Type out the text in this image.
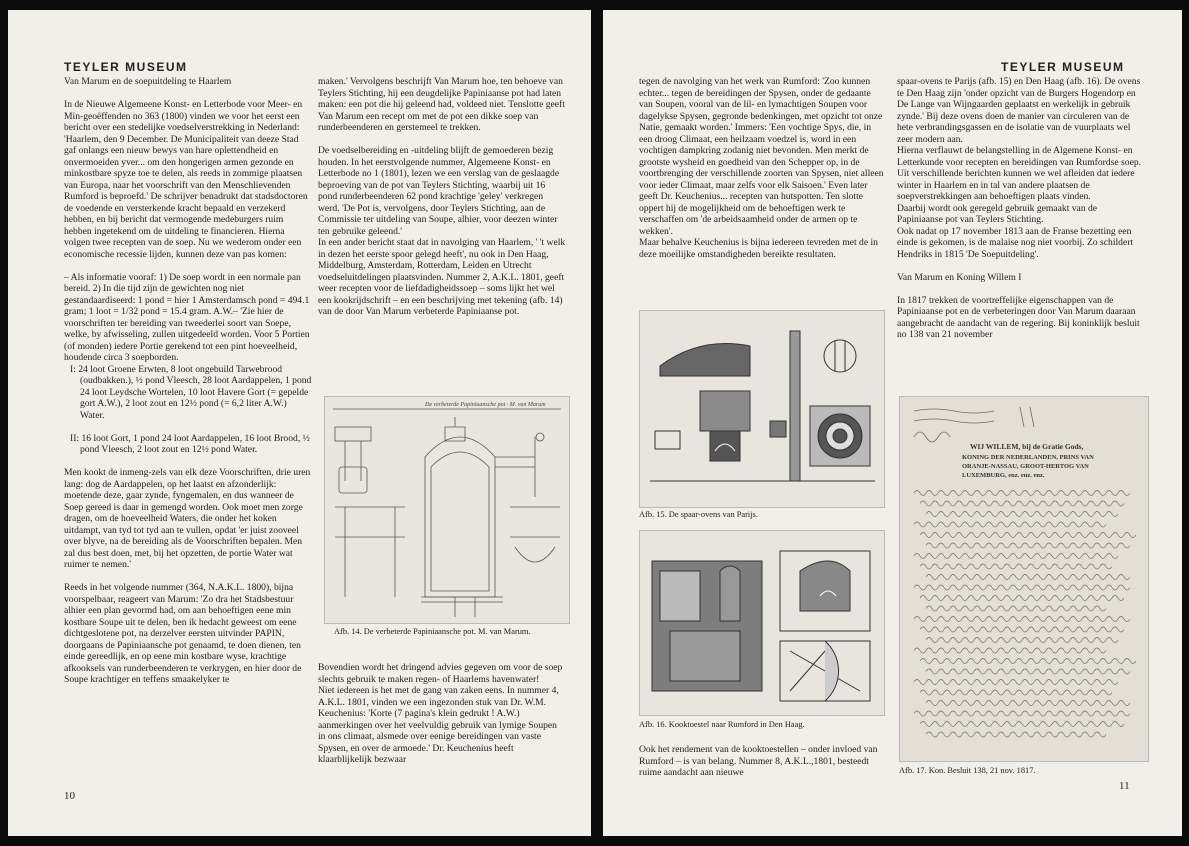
TEYLER MUSEUM
Van Marum en de soepuitdeling te Haarlem

In de Nieuwe Algemeene Konst- en Letterbode voor Meer- en Min-geoëffenden no 363 (1800) vinden we voor het eerst een bericht over een stedelijke voedselverstrekking in Nederland: 'Haarlem, den 9 December. De Municipaliteit van deeze Stad gaf onlangs een nieuw bewys van hare oplettendheid en onvermoeiden yver... om den hongerigen armen gezonde en minkostbare spyze toe te delen, als reeds in zommige plaatsen van Europa, naar het voorschrift van den Menschlievenden Rumford is beproefd.' De schrijver benadrukt dat stadsdoctoren de voedende en versterkende kracht bepaald en verzekerd hebben, en bij bericht dat vermogende medeburgers ruim hebben ingetekend om de uitdeling te financieren. Hierna volgen twee recepten van de soep. Nu we wederom onder een economische recessie lijden, kunnen deze van pas komen:

– Als informatie vooraf: 1) De soep wordt in een normale pan bereid. 2) In die tijd zijn de gewichten nog niet gestandaardiseerd: 1 pond = hier 1 Amsterdamsch pond = 494.1 gram; 1 loot = 1/32 pond = 15.4 gram. A.W.– 'Zie hier de voorschriften ter bereiding van tweederlei soort van Soepe, welke, by afwisseling, zullen uitgedeeld worden. Voor 5 Portien (of monden) iedere Portie gerekend tot een pint hoeveelheid, houdende circa 3 soepborden.

I: 24 loot Groene Erwten, 8 loot ongebuild Tarwebrood (oudbakken.), ½ pond Vleesch, 28 loot Aardappelen, 1 pond 24 loot Leydsche Wortelen, 10 loot Havere Gort (= gepelde gort A.W.), 2 loot zout en 12½ pond (= 6,2 liter A.W.) Water.

II: 16 loot Gort, 1 pond 24 loot Aardappelen, 16 loot Brood, ½ pond Vleesch, 2 loot zout en 12½ pond Water.

Men kookt de inmeng-zels van elk deze Voorschriften, drie uren lang: dog de Aardappelen, op het laatst en afzonderlijk: moetende deze, gaar zynde, fyngemalen, en dus wanneer de Soep gereed is daar in gemengd worden. Ook moet men zorge dragen, om de hoeveelheid Waters, die onder het koken uitdampt, van tyd tot tyd aan te vullen, opdat 'er juist zooveel over blyve, na de bereiding als de Voorschriften bepalen. Men zal dus best doen, met, bij het opzetten, de portie Water wat ruimer te nemen.'

Reeds in het volgende nummer (364, N.A.K.L. 1800), bijna voorspelbaar, reageert van Marum: 'Zo dra het Stadsbestuur alhier een plan gevormd had, om aan behoeftigen eene min kostbare Soupe uit te delen, ben ik hedacht geweest om eene dichtgeslotene pot, na derzelver eersten uitvinder PAPIN, doorgaans de Papiniaansche pot genaamd, te doen dienen, ten einde gereedlijk, en op eene min kostbare wyse, krachtige afkooksels van runderbeenderen te verkrygen, en hier door de Soupe krachtiger en teffens smaakelyker te

maken.' Vervolgens beschrijft Van Marum hoe, ten behoeve van Teylers Stichting, hij een deugdelijke Papiniaanse pot had laten maken: een pot die hij geleend had, voldeed niet. Tenslotte geeft Van Marum een recept om met de pot een dikke soep van runderbeenderen en gerstemeel te trekken.

De voedselbereiding en -uitdeling blijft de gemoederen bezig houden. In het eerstvolgende nummer, Algemeene Konst- en Letterbode no 1 (1801), lezen we een verslag van de geslaagde beproeving van de pot van Teylers Stichting, waarbij uit 16 pond runderbeenderen 62 pond krachtige 'geley' verkregen werd. 'De Pot is, vervolgens, door Teylers Stichting, aan de Commissie ter uitdeling van Soupe, alhier, voor deezen winter ten gebruike geleend.'

In een ander bericht staat dat in navolging van Haarlem, ' 't welk in dezen het eerste spoor gelegd heeft', nu ook in Den Haag, Middelburg, Amsterdam, Rotterdam, Leiden en Utrecht voedseluitdelingen plaatsvinden. Nummer 2, A.K.L. 1801, geeft weer recepten voor de liefdadigheidssoep – soms lijkt het wel een kookrijdschrift – en een beschrijving met tekening (afb. 14) van de door Van Marum verbeterde Papiniaanse pot.

De verbeterde Papiniaansche pot · M. van Marum
Afb. 14. De verbeterde Papiniaansche pot. M. van Marum.

Bovendien wordt het dringend advies gegeven om voor de soep slechts gebruik te maken regen- of Haarlems havenwater!

Niet iedereen is het met de gang van zaken eens. In nummer 4, A.K.L. 1801, vinden we een ingezonden stuk van Dr. W.M. Keuchenius: 'Korte (7 pagina's klein gedrukt ! A.W.) aanmerkingen over het veelvuldig gebruik van lymige Soupen in ons climaat, alsmede over eenige bereidingen van vaste Spysen, en over de armoede.' Dr. Keuchenius heeft klaarblijkelijk bezwaar

10
TEYLER MUSEUM

tegen de navolging van het werk van Rumford: 'Zoo kunnen echter... tegen de bereidingen der Spysen, onder de gedaante van Soupen, vooral van de lil- en lymachtigen Soupen voor dagelykse Spysen, gegronde bedenkingen, met opzicht tot onze Natie, gemaakt worden.' Immers: 'Een vochtige Spys, die, in een droog Climaat, een heilzaam voedzel is, word in een vochtigen dampkring zodanig niet bevonden. Men merkt de grootste wysheid en goedheid van den Schepper op, in de voortbrenging der verschillende zoorten van Spysen, niet alleen voor ieder Climaat, maar zelfs voor elk Saisoen.' Even later geeft Dr. Keuchenius... recepten van hutspotten. Ten slotte oppert hij de mogelijkheid om de behoeftigen werk te verschaffen om 'de arbeidsaamheid onder de armen op te wekken'.

Maar behalve Keuchenius is bijna iedereen tevreden met de in deze moeilijke omstandigheden bereikte resultaten.

Afb. 15. De spaar-ovens van Parijs.
Afb. 16. Kooktoestel naar Rumford in Den Haag.

Ook het rendement van de kooktoestellen – onder invloed van Rumford – is van belang. Nummer 8, A.K.L.,1801, besteedt ruime aandacht aan nieuwe

spaar-ovens te Parijs (afb. 15) en Den Haag (afb. 16). De ovens te Den Haag zijn 'onder opzicht van de Burgers Hogendorp en De Lange van Wijngaarden geplaatst en werkelijk in gebruik zynde.' Bij deze ovens doen de manier van circuleren van de hete verbrandingsgassen en de isolatie van de vuurplaats wel zeer modern aan.

Hierna verflauwt de belangstelling in de Algemene Konst- en Letterkunde voor recepten en bereidingen van Rumfordse soep. Uit verschillende berichten kunnen we wel afleiden dat iedere winter in Haarlem en in tal van andere plaatsen de soepverstrekkingen aan behoeftigen plaats vinden.

Daarbij wordt ook geregeld gebruik gemaakt van de Papiniaanse pot van Teylers Stichting.

Ook nadat op 17 november 1813 aan de Franse bezetting een einde is gekomen, is de malaise nog niet voorbij. Zo schildert Hendriks in 1815 'De Soepuitdeling'.

Van Marum en Koning Willem I

In 1817 trekken de voortreffelijke eigenschappen van de Papiniaanse pot en de verbeteringen door Van Marum daaraan aangebracht de aandacht van de regering. Bij koninklijk besluit no 138 van 21 november

WIJ WILLEM, bij de Gratie Gods,
KONING DER NEDERLANDEN, PRINS VAN
ORANJE-NASSAU, GROOT-HERTOG VAN
LUXEMBURG, enz. enz. enz.
Afb. 17. Kon. Besluit 138, 21 nov. 1817.
11
